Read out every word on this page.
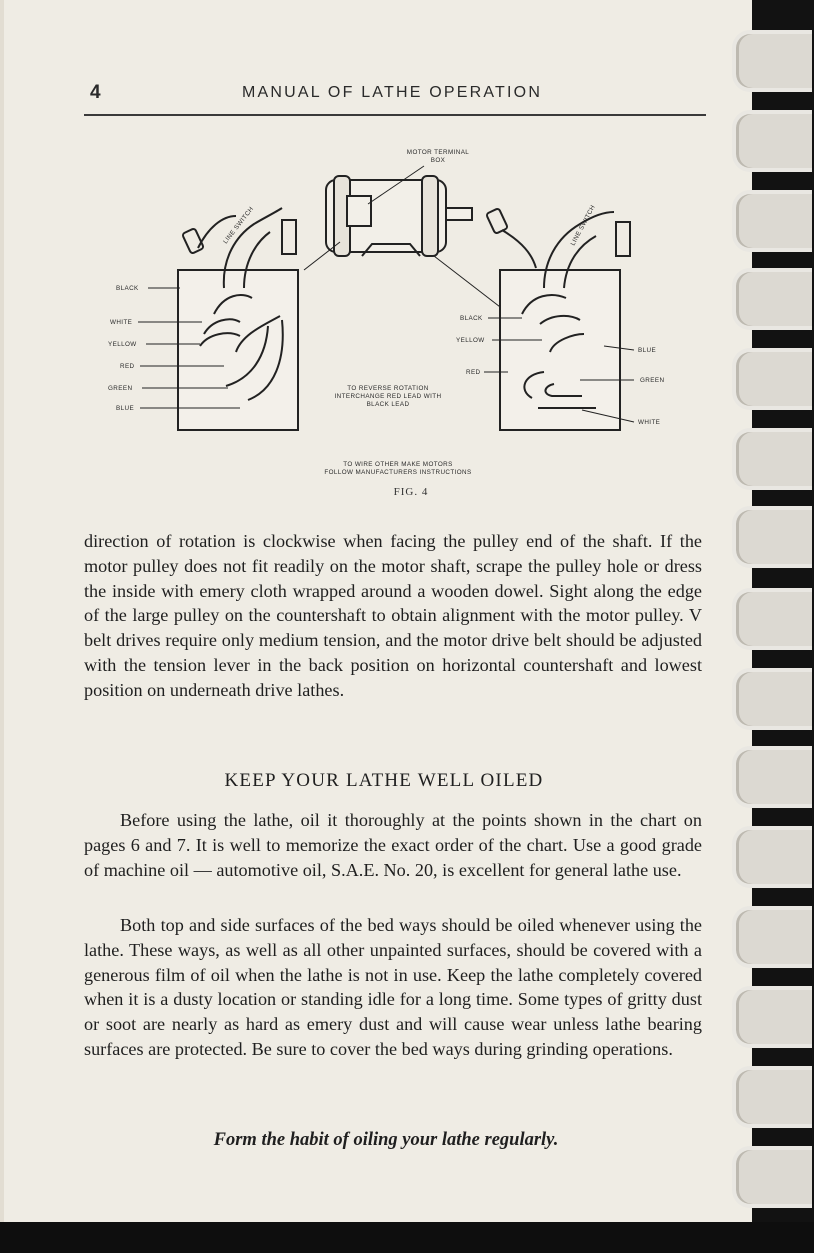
4	MANUAL OF LATHE OPERATION
MOTOR TERMINAL
BOX
LINE SWITCH	LINE SWITCH
BLACK
WHITE
YELLOW
RED
GREEN
BLUE
BLACK
YELLOW
RED
BLUE
GREEN
WHITE
TO REVERSE ROTATION
INTERCHANGE RED LEAD WITH
BLACK LEAD
TO WIRE OTHER MAKE MOTORS
FOLLOW MANUFACTURERS INSTRUCTIONS
FIG. 4

direction of rotation is clockwise when facing the pulley end of the shaft. If the motor pulley does not fit readily on the motor shaft, scrape the pulley hole or dress the inside with emery cloth wrapped around a wooden dowel. Sight along the edge of the large pulley on the countershaft to obtain alignment with the motor pulley. V belt drives require only medium tension, and the motor drive belt should be adjusted with the tension lever in the back position on horizontal countershaft and lowest position on underneath drive lathes.

KEEP YOUR LATHE WELL OILED

Before using the lathe, oil it thoroughly at the points shown in the chart on pages 6 and 7. It is well to memorize the exact order of the chart. Use a good grade of machine oil — automotive oil, S.A.E. No. 20, is excellent for general lathe use.

Both top and side surfaces of the bed ways should be oiled whenever using the lathe. These ways, as well as all other unpainted surfaces, should be covered with a generous film of oil when the lathe is not in use. Keep the lathe completely covered when it is a dusty location or standing idle for a long time. Some types of gritty dust or soot are nearly as hard as emery dust and will cause wear unless lathe bearing surfaces are protected. Be sure to cover the bed ways during grinding operations.

Form the habit of oiling your lathe regularly.
